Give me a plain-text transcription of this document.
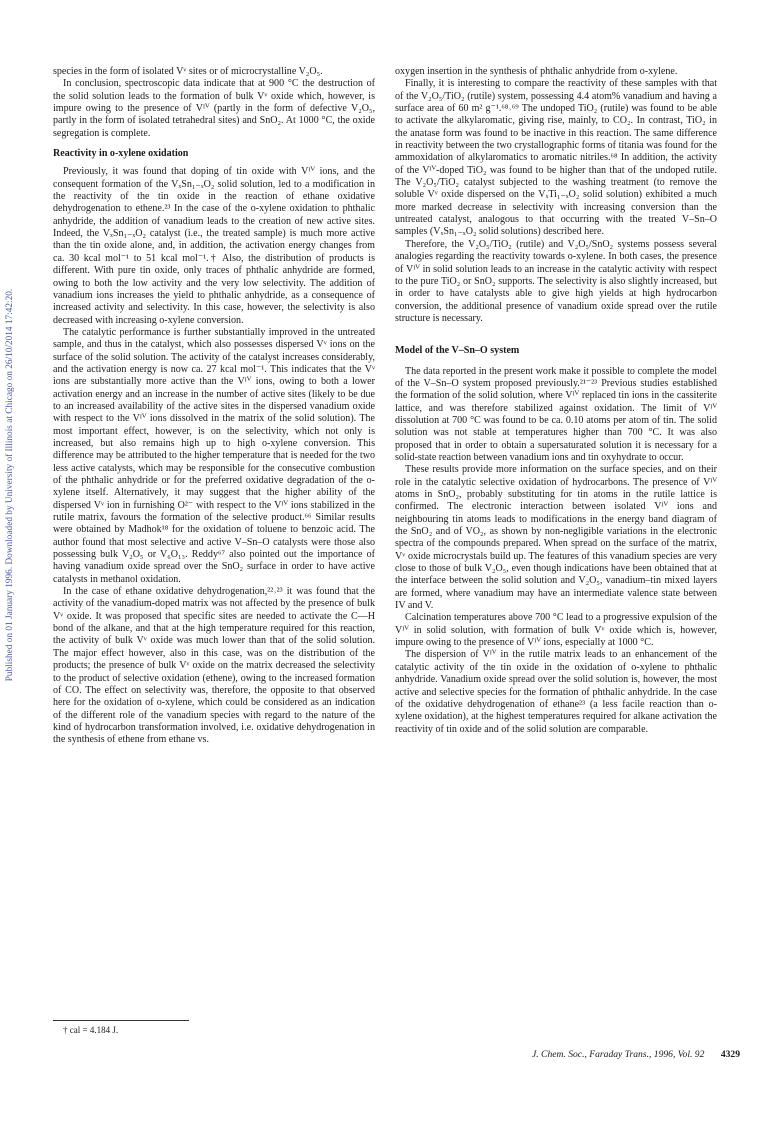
Published on 01 January 1996. Downloaded by University of Illinois at Chicago on 26/10/2014 17:42:20.

species in the form of isolated Vᵛ sites or of microcrystalline V₂O₅.

In conclusion, spectroscopic data indicate that at 900 °C the destruction of the solid solution leads to the formation of bulk Vᵛ oxide which, however, is impure owing to the presence of Vᴵⱽ (partly in the form of defective V₂O₅, partly in the form of isolated tetrahedral sites) and SnO₂. At 1000 °C, the oxide segregation is complete.

Reactivity in o-xylene oxidation

Previously, it was found that doping of tin oxide with Vᴵⱽ ions, and the consequent formation of the VₓSn₁₋ₓO₂ solid solution, led to a modification in the reactivity of the tin oxide in the reaction of ethane oxidative dehydrogenation to ethene.²³ In the case of the o-xylene oxidation to phthalic anhydride, the addition of vanadium leads to the creation of new active sites. Indeed, the VₓSn₁₋ₓO₂ catalyst (i.e., the treated sample) is much more active than the tin oxide alone, and, in addition, the activation energy changes from ca. 30 kcal mol⁻¹ to 51 kcal mol⁻¹.† Also, the distribution of products is different. With pure tin oxide, only traces of phthalic anhydride are formed, owing to both the low activity and the very low selectivity. The addition of vanadium ions increases the yield to phthalic anhydride, as a consequence of increased activity and selectivity. In this case, however, the selectivity is also decreased with increasing o-xylene conversion.

The catalytic performance is further substantially improved in the untreated sample, and thus in the catalyst, which also possesses dispersed Vᵛ ions on the surface of the solid solution. The activity of the catalyst increases considerably, and the activation energy is now ca. 27 kcal mol⁻¹. This indicates that the Vᵛ ions are substantially more active than the Vᴵⱽ ions, owing to both a lower activation energy and an increase in the number of active sites (likely to be due to an increased availability of the active sites in the dispersed vanadium oxide with respect to the Vᴵⱽ ions dissolved in the matrix of the solid solution). The most important effect, however, is on the selectivity, which not only is increased, but also remains high up to high o-xylene conversion. This difference may be attributed to the higher temperature that is needed for the two less active catalysts, which may be responsible for the consecutive combustion of the phthalic anhydride or for the preferred oxidative degradation of the o-xylene itself. Alternatively, it may suggest that the higher ability of the dispersed Vᵛ ion in furnishing O²⁻ with respect to the Vᴵⱽ ions stabilized in the rutile matrix, favours the formation of the selective product.⁶⁶ Similar results were obtained by Madhok¹⁸ for the oxidation of toluene to benzoic acid. The author found that most selective and active V–Sn–O catalysts were those also possessing bulk V₂O₅ or V₆O₁₃. Reddy⁶⁷ also pointed out the importance of having vanadium oxide spread over the SnO₂ surface in order to have active catalysts in methanol oxidation.

In the case of ethane oxidative dehydrogenation,²²˒²³ it was found that the activity of the vanadium-doped matrix was not affected by the presence of bulk Vᵛ oxide. It was proposed that specific sites are needed to activate the C—H bond of the alkane, and that at the high temperature required for this reaction, the activity of bulk Vᵛ oxide was much lower than that of the solid solution. The major effect however, also in this case, was on the distribution of the products; the presence of bulk Vᵛ oxide on the matrix decreased the selectivity to the product of selective oxidation (ethene), owing to the increased formation of CO. The effect on selectivity was, therefore, the opposite to that observed here for the oxidation of o-xylene, which could be considered as an indication of the different role of the vanadium species with regard to the nature of the kind of hydrocarbon transformation involved, i.e. oxidative dehydrogenation in the synthesis of ethene from ethane vs.

oxygen insertion in the synthesis of phthalic anhydride from o-xylene.

Finally, it is interesting to compare the reactivity of these samples with that of the V₂O₅/TiO₂ (rutile) system, possessing 4.4 atom% vanadium and having a surface area of 60 m² g⁻¹.⁶⁸˒⁶⁹ The undoped TiO₂ (rutile) was found to be able to activate the alkylaromatic, giving rise, mainly, to CO₂. In contrast, TiO₂ in the anatase form was found to be inactive in this reaction. The same difference in reactivity between the two crystallographic forms of titania was found for the ammoxidation of alkylaromatics to aromatic nitriles.⁶⁸ In addition, the activity of the Vᴵⱽ-doped TiO₂ was found to be higher than that of the undoped rutile. The V₂O₅/TiO₂ catalyst subjected to the washing treatment (to remove the soluble Vᵛ oxide dispersed on the VₓTi₁₋ₓO₂ solid solution) exhibited a much more marked decrease in selectivity with increasing conversion than the untreated catalyst, analogous to that occurring with the treated V–Sn–O samples (VₓSn₁₋ₓO₂ solid solutions) described here.

Therefore, the V₂O₅/TiO₂ (rutile) and V₂O₅/SnO₂ systems possess several analogies regarding the reactivity towards o-xylene. In both cases, the presence of Vᴵⱽ in solid solution leads to an increase in the catalytic activity with respect to the pure TiO₂ or SnO₂ supports. The selectivity is also slightly increased, but in order to have catalysts able to give high yields at high hydrocarbon conversion, the additional presence of vanadium oxide spread over the rutile structure is necessary.

Model of the V–Sn–O system

The data reported in the present work make it possible to complete the model of the V–Sn–O system proposed previously.²¹⁻²³ Previous studies established the formation of the solid solution, where Vᴵⱽ replaced tin ions in the cassiterite lattice, and was therefore stabilized against oxidation. The limit of Vᴵⱽ dissolution at 700 °C was found to be ca. 0.10 atoms per atom of tin. The solid solution was not stable at temperatures higher than 700 °C. It was also proposed that in order to obtain a supersaturated solution it is necessary for a solid-state reaction between vanadium ions and tin oxyhydrate to occur.

These results provide more information on the surface species, and on their role in the catalytic selective oxidation of hydrocarbons. The presence of Vᴵⱽ atoms in SnO₂, probably substituting for tin atoms in the rutile lattice is confirmed. The electronic interaction between isolated Vᴵⱽ ions and neighbouring tin atoms leads to modifications in the energy band diagram of the SnO₂ and of VO₂, as shown by non-negligible variations in the electronic spectra of the compounds prepared. When spread on the surface of the matrix, Vᵛ oxide microcrystals build up. The features of this vanadium species are very close to those of bulk V₂O₅, even though indications have been obtained that at the interface between the solid solution and V₂O₅, vanadium–tin mixed layers are formed, where vanadium may have an intermediate valence state between IV and V.

Calcination temperatures above 700 °C lead to a progressive expulsion of the Vᴵⱽ in solid solution, with formation of bulk Vᵛ oxide which is, however, impure owing to the presence of Vᴵⱽ ions, especially at 1000 °C.

The dispersion of Vᴵⱽ in the rutile matrix leads to an enhancement of the catalytic activity of the tin oxide in the oxidation of o-xylene to phthalic anhydride. Vanadium oxide spread over the solid solution is, however, the most active and selective species for the formation of phthalic anhydride. In the case of the oxidative dehydrogenation of ethane²³ (a less facile reaction than o-xylene oxidation), at the highest temperatures required for alkane activation the reactivity of tin oxide and of the solid solution are comparable.

† cal = 4.184 J.
J. Chem. Soc., Faraday Trans., 1996, Vol. 92 4329
